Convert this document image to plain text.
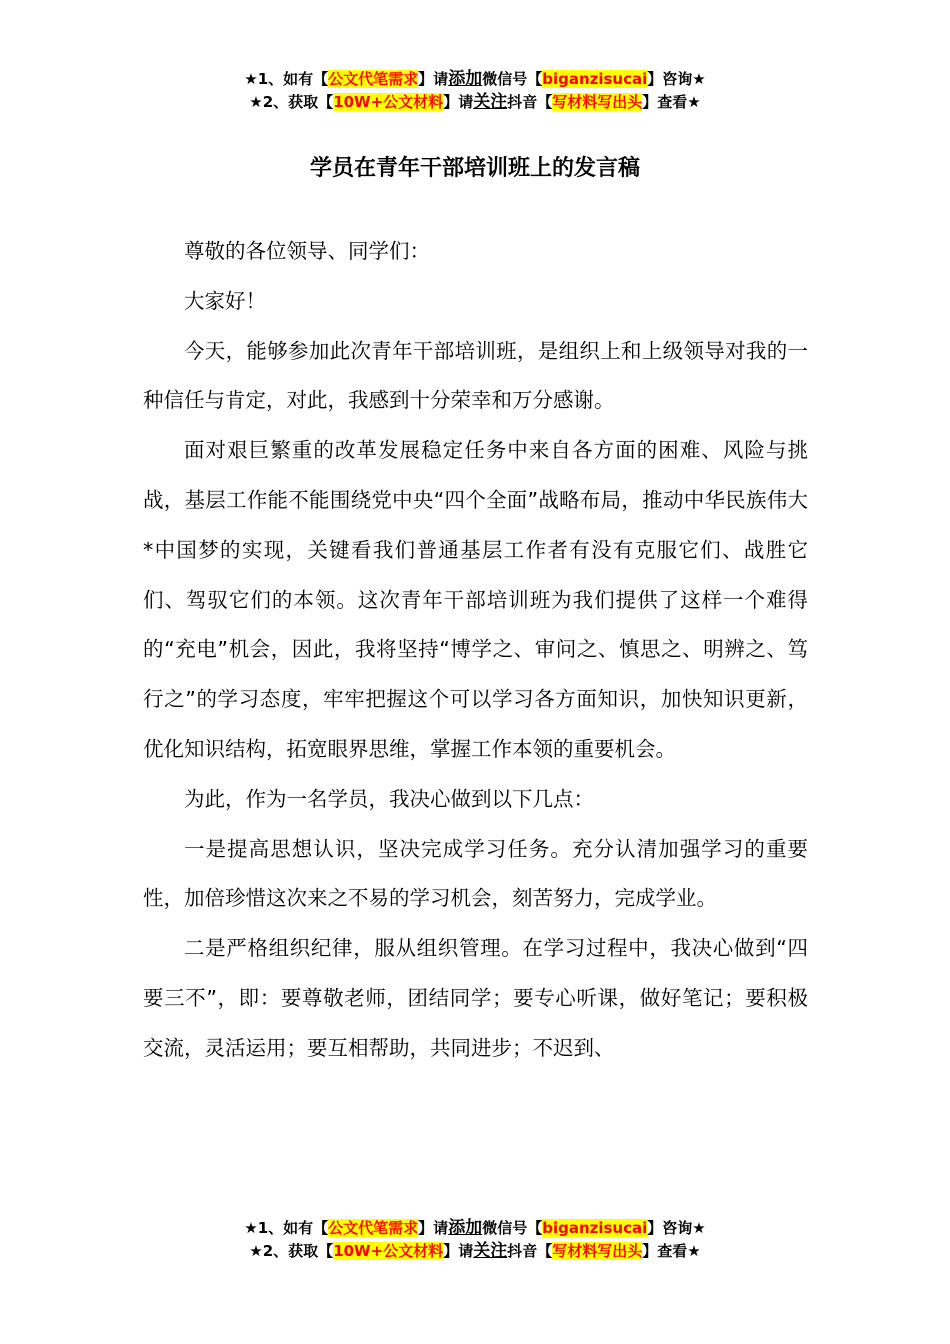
★1、如有【公文代笔需求】请添加微信号【biganzisucai】咨询★
★2、获取【10W+公文材料】请关注抖音【写材料写出头】查看★
学员在青年干部培训班上的发言稿

尊敬的各位领导、同学们：

大家好！

今天，能够参加此次青年干部培训班，是组织上和上级领导对我的一种信任与肯定，对此，我感到十分荣幸和万分感谢。

面对艰巨繁重的改革发展稳定任务中来自各方面的困难、风险与挑战，基层工作能不能围绕党中央“四个全面”战略布局，推动中华民族伟大*中国梦的实现，关键看我们普通基层工作者有没有克服它们、战胜它们、驾驭它们的本领。这次青年干部培训班为我们提供了这样一个难得的“充电”机会，因此，我将坚持“博学之、审问之、慎思之、明辨之、笃行之”的学习态度，牢牢把握这个可以学习各方面知识，加快知识更新，优化知识结构，拓宽眼界思维，掌握工作本领的重要机会。

为此，作为一名学员，我决心做到以下几点：

一是提高思想认识，坚决完成学习任务。充分认清加强学习的重要性，加倍珍惜这次来之不易的学习机会，刻苦努力，完成学业。

二是严格组织纪律，服从组织管理。在学习过程中，我决心做到“四要三不”，即：要尊敬老师，团结同学；要专心听课，做好笔记；要积极交流，灵活运用；要互相帮助，共同进步；不迟到、

★1、如有【公文代笔需求】请添加微信号【biganzisucai】咨询★
★2、获取【10W+公文材料】请关注抖音【写材料写出头】查看★
